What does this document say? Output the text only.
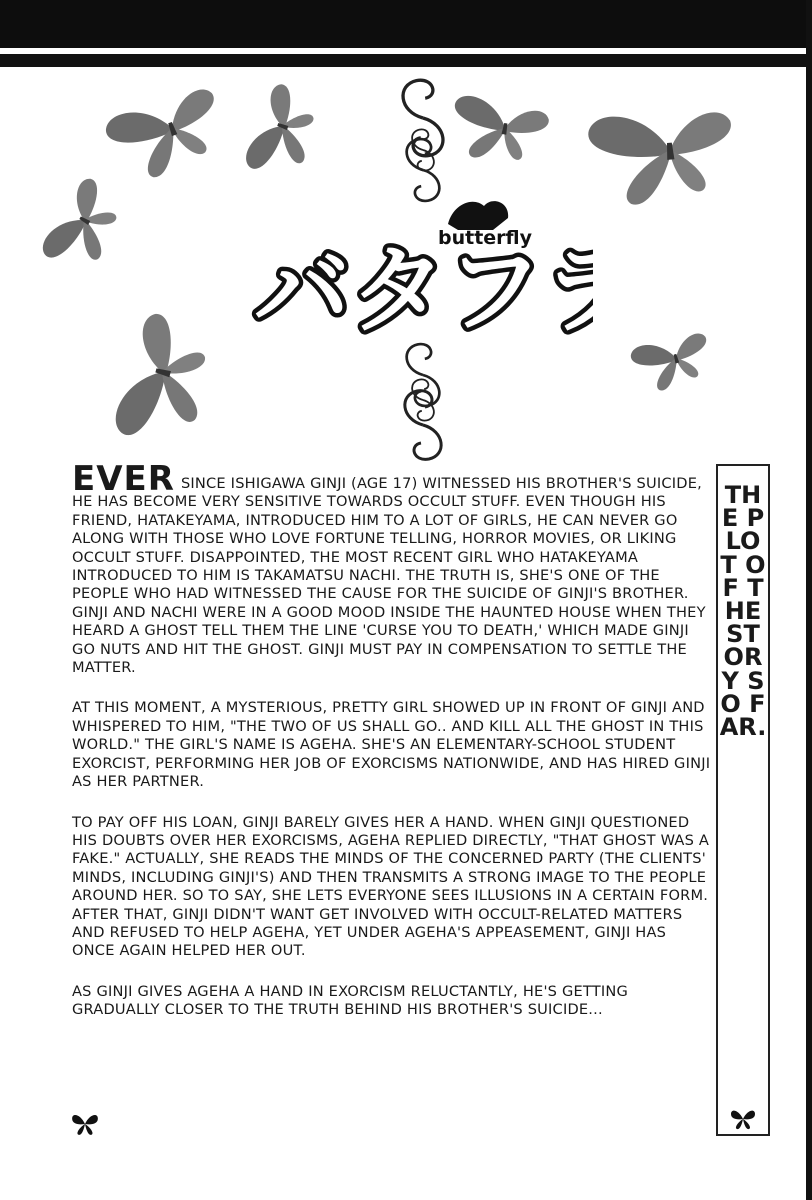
バタフラ
butterfly

EVER SINCE ISHIGAWA GINJI (AGE 17) WITNESSED HIS BROTHER'S SUICIDE, HE HAS BECOME VERY SENSITIVE TOWARDS OCCULT STUFF. EVEN THOUGH HIS FRIEND, HATAKEYAMA, INTRODUCED HIM TO A LOT OF GIRLS, HE CAN NEVER GO ALONG WITH THOSE WHO LOVE FORTUNE TELLING, HORROR MOVIES, OR LIKING OCCULT STUFF. DISAPPOINTED, THE MOST RECENT GIRL WHO HATAKEYAMA INTRODUCED TO HIM IS TAKAMATSU NACHI. THE TRUTH IS, SHE'S ONE OF THE PEOPLE WHO HAD WITNESSED THE CAUSE FOR THE SUICIDE OF GINJI'S BROTHER. GINJI AND NACHI WERE IN A GOOD MOOD INSIDE THE HAUNTED HOUSE WHEN THEY HEARD A GHOST TELL THEM THE LINE 'CURSE YOU TO DEATH,' WHICH MADE GINJI GO NUTS AND HIT THE GHOST. GINJI MUST PAY IN COMPENSATION TO SETTLE THE MATTER.

AT THIS MOMENT, A MYSTERIOUS, PRETTY GIRL SHOWED UP IN FRONT OF GINJI AND WHISPERED TO HIM, "THE TWO OF US SHALL GO.. AND KILL ALL THE GHOST IN THIS WORLD." THE GIRL'S NAME IS AGEHA. SHE'S AN ELEMENTARY-SCHOOL STUDENT EXORCIST, PERFORMING HER JOB OF EXORCISMS NATIONWIDE, AND HAS HIRED GINJI AS HER PARTNER.

TO PAY OFF HIS LOAN, GINJI BARELY GIVES HER A HAND. WHEN GINJI QUESTIONED HIS DOUBTS OVER HER EXORCISMS, AGEHA REPLIED DIRECTLY, "THAT GHOST WAS A FAKE." ACTUALLY, SHE READS THE MINDS OF THE CONCERNED PARTY (THE CLIENTS' MINDS, INCLUDING GINJI'S) AND THEN TRANSMITS A STRONG IMAGE TO THE PEOPLE AROUND HER. SO TO SAY, SHE LETS EVERYONE SEES ILLUSIONS IN A CERTAIN FORM. AFTER THAT, GINJI DIDN'T WANT GET INVOLVED WITH OCCULT-RELATED MATTERS AND REFUSED TO HELP AGEHA, YET UNDER AGEHA'S APPEASEMENT, GINJI HAS ONCE AGAIN HELPED HER OUT.

AS GINJI GIVES AGEHA A HAND IN EXORCISM RELUCTANTLY, HE'S GETTING GRADUALLY CLOSER TO THE TRUTH BEHIND HIS BROTHER'S SUICIDE...

THE PLOT OF THE STORY SO FAR.
